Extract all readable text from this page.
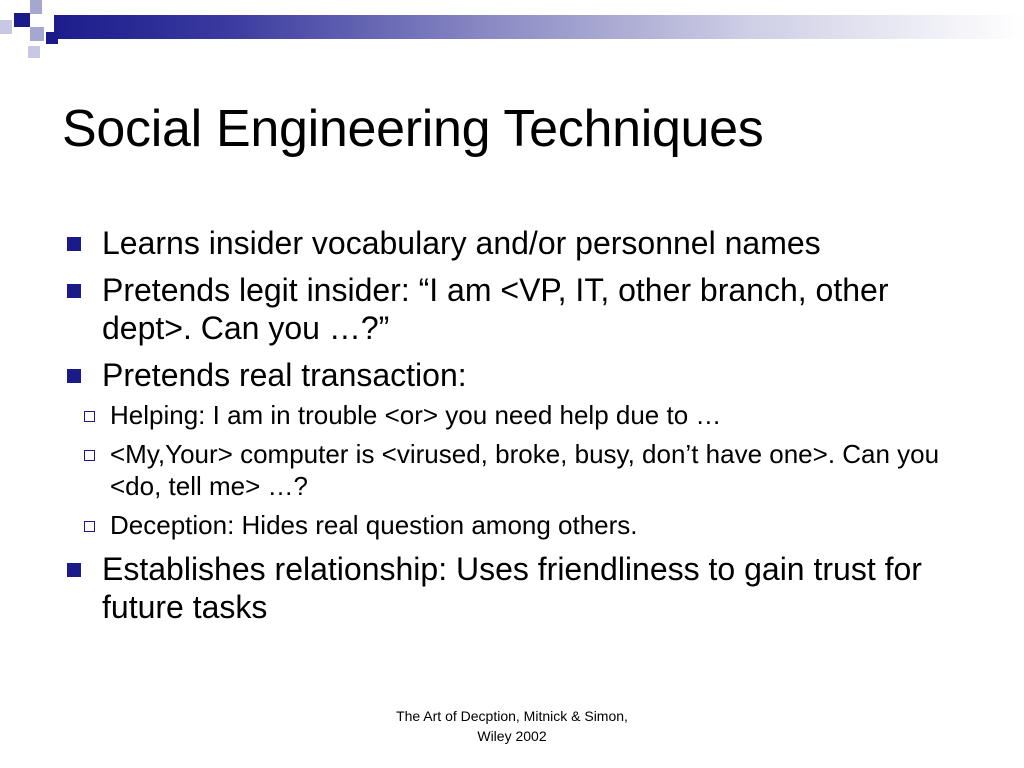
Social Engineering Techniques
Learns insider vocabulary and/or personnel names
Pretends legit insider: “I am <VP, IT, other branch, other dept>. Can you …?”
Pretends real transaction:
Helping: I am in trouble <or> you need help due to …
<My,Your> computer is <virused, broke, busy, don’t have one>. Can you <do, tell me> …?
Deception: Hides real question among others.
Establishes relationship: Uses friendliness to gain trust for future tasks
The Art of Decption, Mitnick & Simon,
Wiley 2002
